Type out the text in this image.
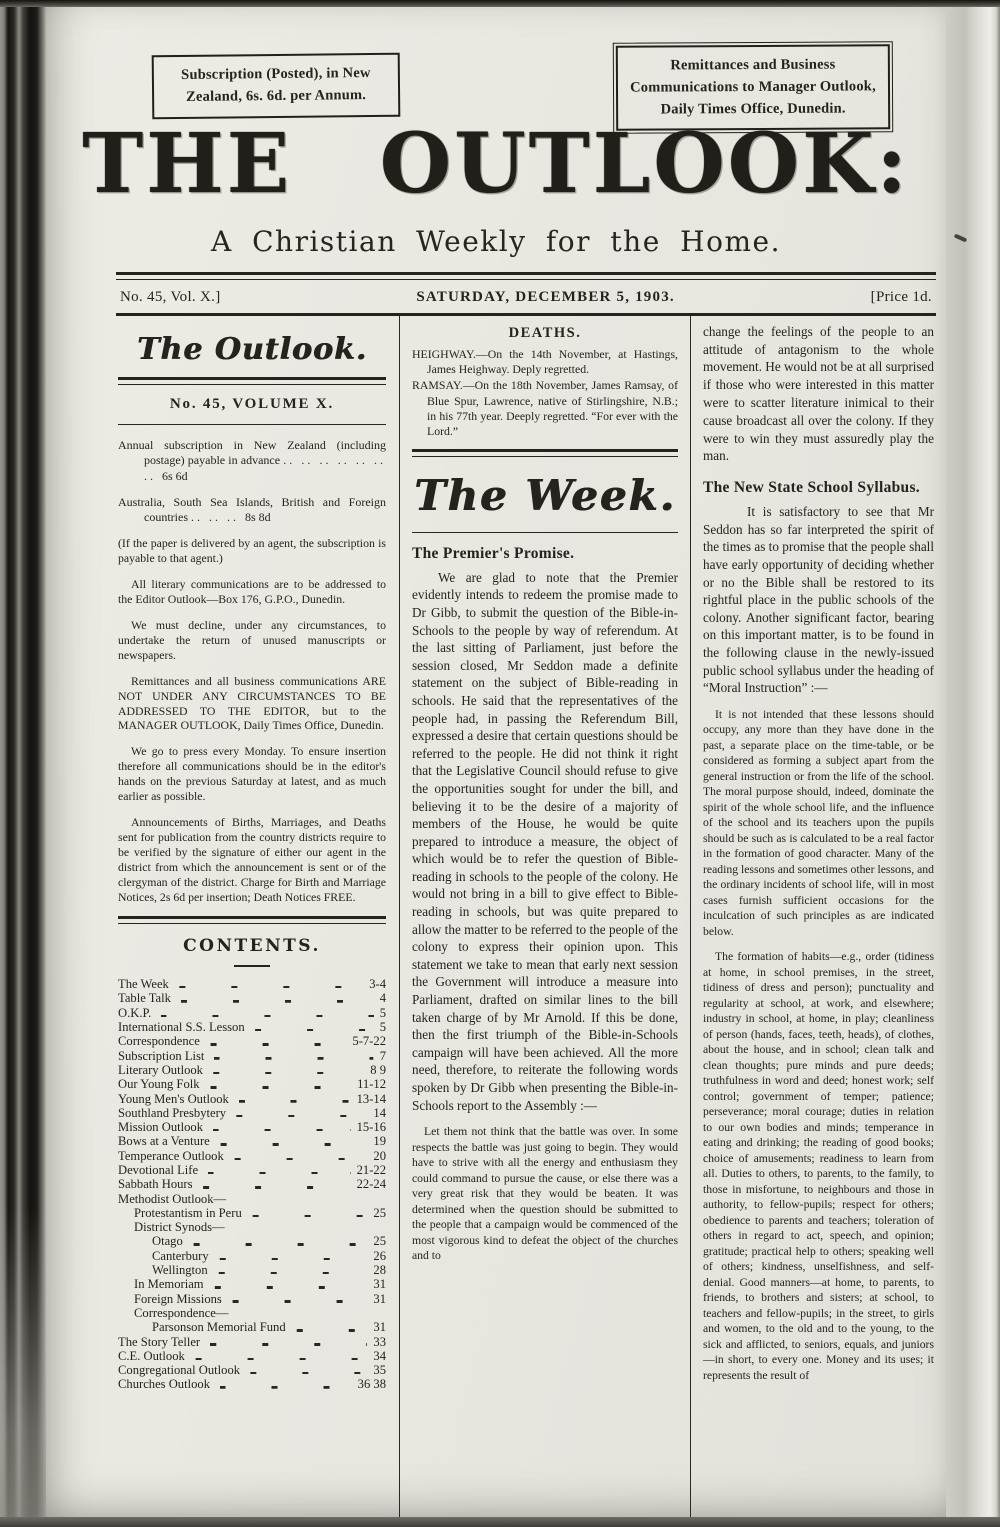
Subscription (Posted), in New Zealand, 6s. 6d. per Annum.
Remittances and Business Communications to Manager Outlook, Daily Times Office, Dunedin.
THE OUTLOOK:
A Christian Weekly for the Home.
No. 45, Vol. X.]	SATURDAY, DECEMBER 5, 1903.	[Price 1d.
The Outlook.
No. 45, VOLUME X.

Annual subscription in New Zealand (including postage) payable in advance .. .. .. .. .. .. .. 6s 6d

Australia, South Sea Islands, British and Foreign countries .. .. .. 8s 8d

(If the paper is delivered by an agent, the subscription is payable to that agent.)

All literary communications are to be addressed to the Editor Outlook—Box 176, G.P.O., Dunedin.

We must decline, under any circumstances, to undertake the return of unused manuscripts or newspapers.

Remittances and all business communications ARE NOT UNDER ANY CIRCUMSTANCES TO BE ADDRESSED TO THE EDITOR, but to the MANAGER OUTLOOK, Daily Times Office, Dunedin.

We go to press every Monday. To ensure insertion therefore all communications should be in the editor's hands on the previous Saturday at latest, and as much earlier as possible.

Announcements of Births, Marriages, and Deaths sent for publication from the country districts require to be verified by the signature of either our agent in the district from which the announcement is sent or of the clergyman of the district. Charge for Birth and Marriage Notices, 2s 6d per insertion; Death Notices FREE.

CONTENTS.
The Week	3-4
Table Talk	4
O.K.P.	5
International S.S. Lesson	5
Correspondence	5-7-22
Subscription List	7
Literary Outlook	8 9
Our Young Folk	11-12
Young Men's Outlook	13-14
Southland Presbytery	14
Mission Outlook	15-16
Bows at a Venture	19
Temperance Outlook	20
Devotional Life	21-22
Sabbath Hours	22-24
Methodist Outlook—
Protestantism in Peru	25
District Synods—
Otago	25
Canterbury	26
Wellington	28
In Memoriam	31
Foreign Missions	31
Correspondence—
Parsonson Memorial Fund	31
The Story Teller	33
C.E. Outlook	34
Congregational Outlook	35
Churches Outlook	36 38
DEATHS.

HEIGHWAY.—On the 14th November, at Hastings, James Heighway. Deply regretted.

RAMSAY.—On the 18th November, James Ramsay, of Blue Spur, Lawrence, native of Stirlingshire, N.B.; in his 77th year. Deeply regretted. “For ever with the Lord.”

The Week.
The Premier's Promise.

We are glad to note that the Premier evidently intends to redeem the promise made to Dr Gibb, to submit the question of the Bible-in-Schools to the people by way of referendum. At the last sitting of Parliament, just before the session closed, Mr Seddon made a definite statement on the subject of Bible-reading in schools. He said that the representatives of the people had, in passing the Referendum Bill, expressed a desire that certain questions should be referred to the people. He did not think it right that the Legislative Council should refuse to give the opportunities sought for under the bill, and believing it to be the desire of a majority of members of the House, he would be quite prepared to introduce a measure, the object of which would be to refer the question of Bible-reading in schools to the people of the colony. He would not bring in a bill to give effect to Bible-reading in schools, but was quite prepared to allow the matter to be referred to the people of the colony to express their opinion upon. This statement we take to mean that early next session the Government will introduce a measure into Parliament, drafted on similar lines to the bill taken charge of by Mr Arnold. If this be done, then the first triumph of the Bible-in-Schools campaign will have been achieved. All the more need, therefore, to reiterate the following words spoken by Dr Gibb when presenting the Bible-in-Schools report to the Assembly :—

Let them not think that the battle was over. In some respects the battle was just going to begin. They would have to strive with all the energy and enthusiasm they could command to pursue the cause, or else there was a very great risk that they would be beaten. It was determined when the question should be submitted to the people that a campaign would be commenced of the most vigorous kind to defeat the object of the churches and to

change the feelings of the people to an attitude of antagonism to the whole movement. He would not be at all surprised if those who were interested in this matter were to scatter literature inimical to their cause broadcast all over the colony. If they were to win they must assuredly play the man.

The New State School Syllabus.

It is satisfactory to see that Mr Seddon has so far interpreted the spirit of the times as to promise that the people shall have early opportunity of deciding whether or no the Bible shall be restored to its rightful place in the public schools of the colony. Another significant factor, bearing on this important matter, is to be found in the following clause in the newly-issued public school syllabus under the heading of “Moral Instruction” :—

It is not intended that these lessons should occupy, any more than they have done in the past, a separate place on the time-table, or be considered as forming a subject apart from the general instruction or from the life of the school. The moral purpose should, indeed, dominate the spirit of the whole school life, and the influence of the school and its teachers upon the pupils should be such as is calculated to be a real factor in the formation of good character. Many of the reading lessons and sometimes other lessons, and the ordinary incidents of school life, will in most cases furnish sufficient occasions for the inculcation of such principles as are indicated below.

The formation of habits—e.g., order (tidiness at home, in school premises, in the street, tidiness of dress and person); punctuality and regularity at school, at work, and elsewhere; industry in school, at home, in play; cleanliness of person (hands, faces, teeth, heads), of clothes, about the house, and in school; clean talk and clean thoughts; pure minds and pure deeds; truthfulness in word and deed; honest work; self control; government of temper; patience; perseverance; moral courage; duties in relation to our own bodies and minds; temperance in eating and drinking; the reading of good books; choice of amusements; readiness to learn from all. Duties to others, to parents, to the family, to those in misfortune, to neighbours and those in authority, to fellow-pupils; respect for others; obedience to parents and teachers; toleration of others in regard to act, speech, and opinion; gratitude; practical help to others; speaking well of others; kindness, unselfishness, and self-denial. Good manners—at home, to parents, to friends, to brothers and sisters; at school, to teachers and fellow-pupils; in the street, to girls and women, to the old and to the young, to the sick and afflicted, to seniors, equals, and juniors—in short, to every one. Money and its uses; it represents the result of
